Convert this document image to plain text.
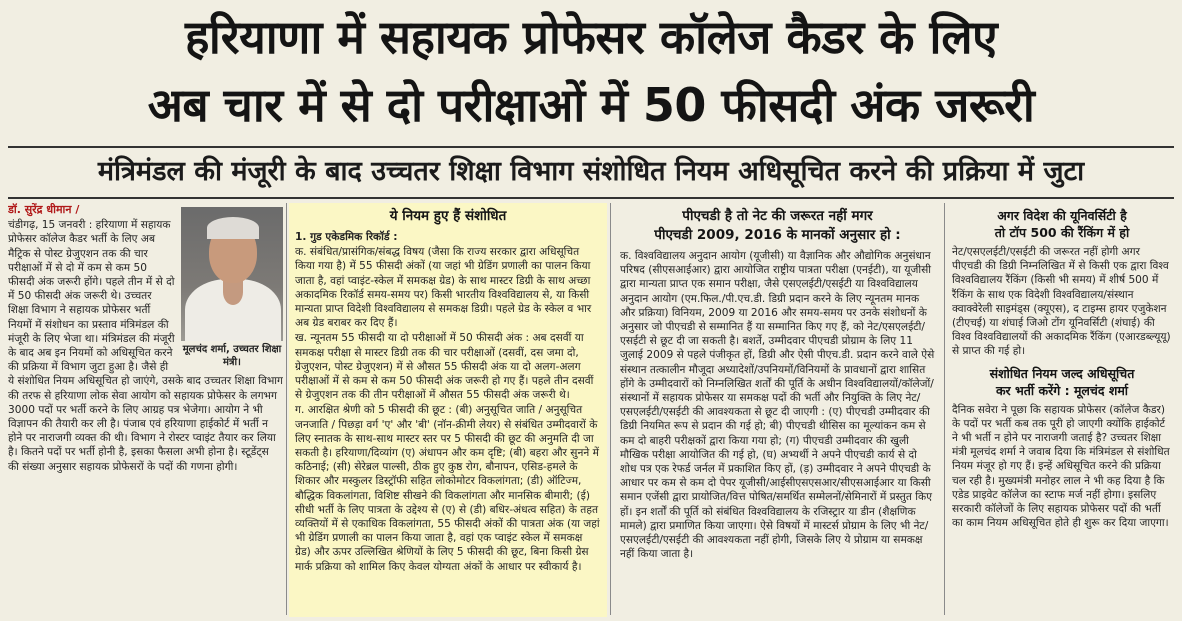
हरियाणा में सहायक प्रोफेसर कॉलेज कैडर के लिए
अब चार में से दो परीक्षाओं में 50 फीसदी अंक जरूरी
मंत्रिमंडल की मंजूरी के बाद उच्चतर शिक्षा विभाग संशोधित नियम अधिसूचित करने की प्रक्रिया में जुटा
मूलचंद शर्मा, उच्चतर शिक्षा मंत्री।

डॉ. सुरेंद्र धीमान /

चंडीगढ़, 15 जनवरी : हरियाणा में सहायक प्रोफेसर कॉलेज कैडर भर्ती के लिए अब मैट्रिक से पोस्ट ग्रेजुएशन तक की चार परीक्षाओं में से दो में कम से कम 50 फीसदी अंक जरूरी होंगे। पहले तीन में से दो में 50 फीसदी अंक जरूरी थे। उच्चतर शिक्षा विभाग ने सहायक प्रोफेसर भर्ती नियमों में संशोधन का प्रस्ताव मंत्रिमंडल की मंजूरी के लिए भेजा था। मंत्रिमंडल की मंजूरी के बाद अब इन नियमों को अधिसूचित करने की प्रक्रिया में विभाग जुटा हुआ है। जैसे ही ये संशोधित नियम अधिसूचित हो जाएंगे, उसके बाद उच्चतर शिक्षा विभाग की तरफ से हरियाणा लोक सेवा आयोग को सहायक प्रोफेसर के लगभग 3000 पदों पर भर्ती करने के लिए आग्रह पत्र भेजेगा। आयोग ने भी विज्ञापन की तैयारी कर ली है। पंजाब एवं हरियाणा हाईकोर्ट में भर्ती न होने पर नाराजगी व्यक्त की थी। विभाग ने रोस्टर प्वाइंट तैयार कर लिया है। कितने पदों पर भर्ती होनी है, इसका फैसला अभी होना है। स्टूडेंट्स की संख्या अनुसार सहायक प्रोफेसरों के पदों की गणना होगी।

ये नियम हुए हैं संशोधित

1. गुड एकेडमिक रिकॉर्ड :

क. संबंधित/प्रासंगिक/संबद्ध विषय (जैसा कि राज्य सरकार द्वारा अधिसूचित किया गया है) में 55 फीसदी अंकों (या जहां भी ग्रेडिंग प्रणाली का पालन किया जाता है, वहां प्वाइंट-स्केल में समकक्ष ग्रेड) के साथ मास्टर डिग्री के साथ अच्छा अकादमिक रिकॉर्ड समय-समय पर) किसी भारतीय विश्वविद्यालय से, या किसी मान्यता प्राप्त विदेशी विश्वविद्यालय से समकक्ष डिग्री। पहले ग्रेड के स्केल व भार अब ग्रेड बराबर कर दिए हैं।

ख. न्यूनतम 55 फीसदी या दो परीक्षाओं में 50 फीसदी अंक : अब दसवीं या समकक्ष परीक्षा से मास्टर डिग्री तक की चार परीक्षाओं (दसवीं, दस जमा दो, ग्रेजुएशन, पोस्ट ग्रेजुएशन) में से औसत 55 फीसदी अंक या दो अलग-अलग परीक्षाओं में से कम से कम 50 फीसदी अंक जरूरी हो गए हैं। पहले तीन दसवीं से ग्रेजुएशन तक की तीन परीक्षाओं में औसत 55 फीसदी अंक जरूरी थे।

ग. आरक्षित श्रेणी को 5 फीसदी की छूट : (बी) अनुसूचित जाति / अनुसूचित जनजाति / पिछड़ा वर्ग 'ए' और 'बी' (नॉन-क्रीमी लेयर) से संबंधित उम्मीदवारों के लिए स्नातक के साथ-साथ मास्टर स्तर पर 5 फीसदी की छूट की अनुमति दी जा सकती है। हरियाणा/दिव्यांग (ए) अंधापन और कम दृष्टि; (बी) बहरा और सुनने में कठिनाई; (सी) सेरेब्रल पाल्सी, ठीक हुए कुष्ठ रोग, बौनापन, एसिड-हमले के शिकार और मस्कुलर डिस्ट्रॉफी सहित लोकोमोटर विकलांगता; (डी) ऑटिज्म, बौद्धिक विकलांगता, विशिष्ट सीखने की विकलांगता और मानसिक बीमारी; (ई) सीधी भर्ती के लिए पात्रता के उद्देश्य से (ए) से (डी) बधिर-अंधत्व सहित) के तहत व्यक्तियों में से एकाधिक विकलांगता, 55 फीसदी अंकों की पात्रता अंक (या जहां भी ग्रेडिंग प्रणाली का पालन किया जाता है, वहां एक प्वाइंट स्केल में समकक्ष ग्रेड) और ऊपर उल्लिखित श्रेणियों के लिए 5 फीसदी की छूट, बिना किसी ग्रेस मार्क प्रक्रिया को शामिल किए केवल योग्यता अंकों के आधार पर स्वीकार्य है।

पीएचडी है तो नेट की जरूरत नहीं मगर
पीएचडी 2009, 2016 के मानकों अनुसार हो :

क. विश्वविद्यालय अनुदान आयोग (यूजीसी) या वैज्ञानिक और औद्योगिक अनुसंधान परिषद (सीएसआईआर) द्वारा आयोजित राष्ट्रीय पात्रता परीक्षा (एनईटी), या यूजीसी द्वारा मान्यता प्राप्त एक समान परीक्षा, जैसे एसएलईटी/एसईटी या विश्वविद्यालय अनुदान आयोग (एम.फिल./पी.एच.डी. डिग्री प्रदान करने के लिए न्यूनतम मानक और प्रक्रिया) विनियम, 2009 या 2016 और समय-समय पर उनके संशोधनों के अनुसार जो पीएचडी से सम्मानित हैं या सम्मानित किए गए हैं, को नेट/एसएलईटी/एसईटी से छूट दी जा सकती है। बशर्ते, उम्मीदवार पीएचडी प्रोग्राम के लिए 11 जुलाई 2009 से पहले पंजीकृत हों, डिग्री और ऐसी पीएच.डी. प्रदान करने वाले ऐसे संस्थान तत्कालीन मौजूदा अध्यादेशों/उपनियमों/विनियमों के प्रावधानों द्वारा शासित होंगे के उम्मीदवारों को निम्नलिखित शर्तों की पूर्ति के अधीन विश्वविद्यालयों/कॉलेजों/संस्थानों में सहायक प्रोफेसर या समकक्ष पदों की भर्ती और नियुक्ति के लिए नेट/एसएलईटी/एसईटी की आवश्यकता से छूट दी जाएगी : (ए) पीएचडी उम्मीदवार की डिग्री नियमित रूप से प्रदान की गई हो; बी) पीएचडी थीसिस का मूल्यांकन कम से कम दो बाहरी परीक्षकों द्वारा किया गया हो; (ग) पीएचडी उम्मीदवार की खुली मौखिक परीक्षा आयोजित की गई हो, (घ) अभ्यर्थी ने अपने पीएचडी कार्य से दो शोध पत्र एक रेफर्ड जर्नल में प्रकाशित किए हों, (ड़) उम्मीदवार ने अपने पीएचडी के आधार पर कम से कम दो पेपर यूजीसी/आईसीएसएसआर/सीएसआईआर या किसी समान एजेंसी द्वारा प्रायोजित/वित्त पोषित/समर्थित सम्मेलनों/सेमिनारों में प्रस्तुत किए हों। इन शर्तों की पूर्ति को संबंधित विश्वविद्यालय के रजिस्ट्रार या डीन (शैक्षणिक मामले) द्वारा प्रमाणित किया जाएगा। ऐसे विषयों में मास्टर्स प्रोग्राम के लिए भी नेट/एसएलईटी/एसईटी की आवश्यकता नहीं होगी, जिसके लिए ये प्रोग्राम या समकक्ष नहीं किया जाता है।

अगर विदेश की यूनिवर्सिटी है
तो टॉप 500 की रैंकिंग में हो

नेट/एसएलईटी/एसईटी की जरूरत नहीं होगी अगर पीएचडी की डिग्री निम्नलिखित में से किसी एक द्वारा विश्व विश्वविद्यालय रैंकिंग (किसी भी समय) में शीर्ष 500 में रैंकिंग के साथ एक विदेशी विश्वविद्यालय/संस्थान क्वाक्वेरेली साइमंड्स (क्यूएस), द टाइम्स हायर एजुकेशन (टीएचई) या शंघाई जिओ टोंग यूनिवर्सिटी (शंघाई) की विश्व विश्वविद्यालयों की अकादमिक रैंकिंग (एआरडब्ल्यूयू) से प्राप्त की गई हो।

संशोधित नियम जल्द अधिसूचित
कर भर्ती करेंगे : मूलचंद शर्मा

दैनिक सवेरा ने पूछा कि सहायक प्रोफेसर (कॉलेज कैडर) के पदों पर भर्ती कब तक पूरी हो जाएगी क्योंकि हाईकोर्ट ने भी भर्ती न होने पर नाराजगी जताई है? उच्चतर शिक्षा मंत्री मूलचंद शर्मा ने जवाब दिया कि मंत्रिमंडल से संशोधित नियम मंजूर हो गए हैं। इन्हें अधिसूचित करने की प्रक्रिया चल रही है। मुख्यमंत्री मनोहर लाल ने भी कह दिया है कि एडेड प्राइवेट कॉलेज का स्टाफ मर्ज नहीं होगा। इसलिए सरकारी कॉलेजों के लिए सहायक प्रोफेसर पदों की भर्ती का काम नियम अधिसूचित होते ही शुरू कर दिया जाएगा।
